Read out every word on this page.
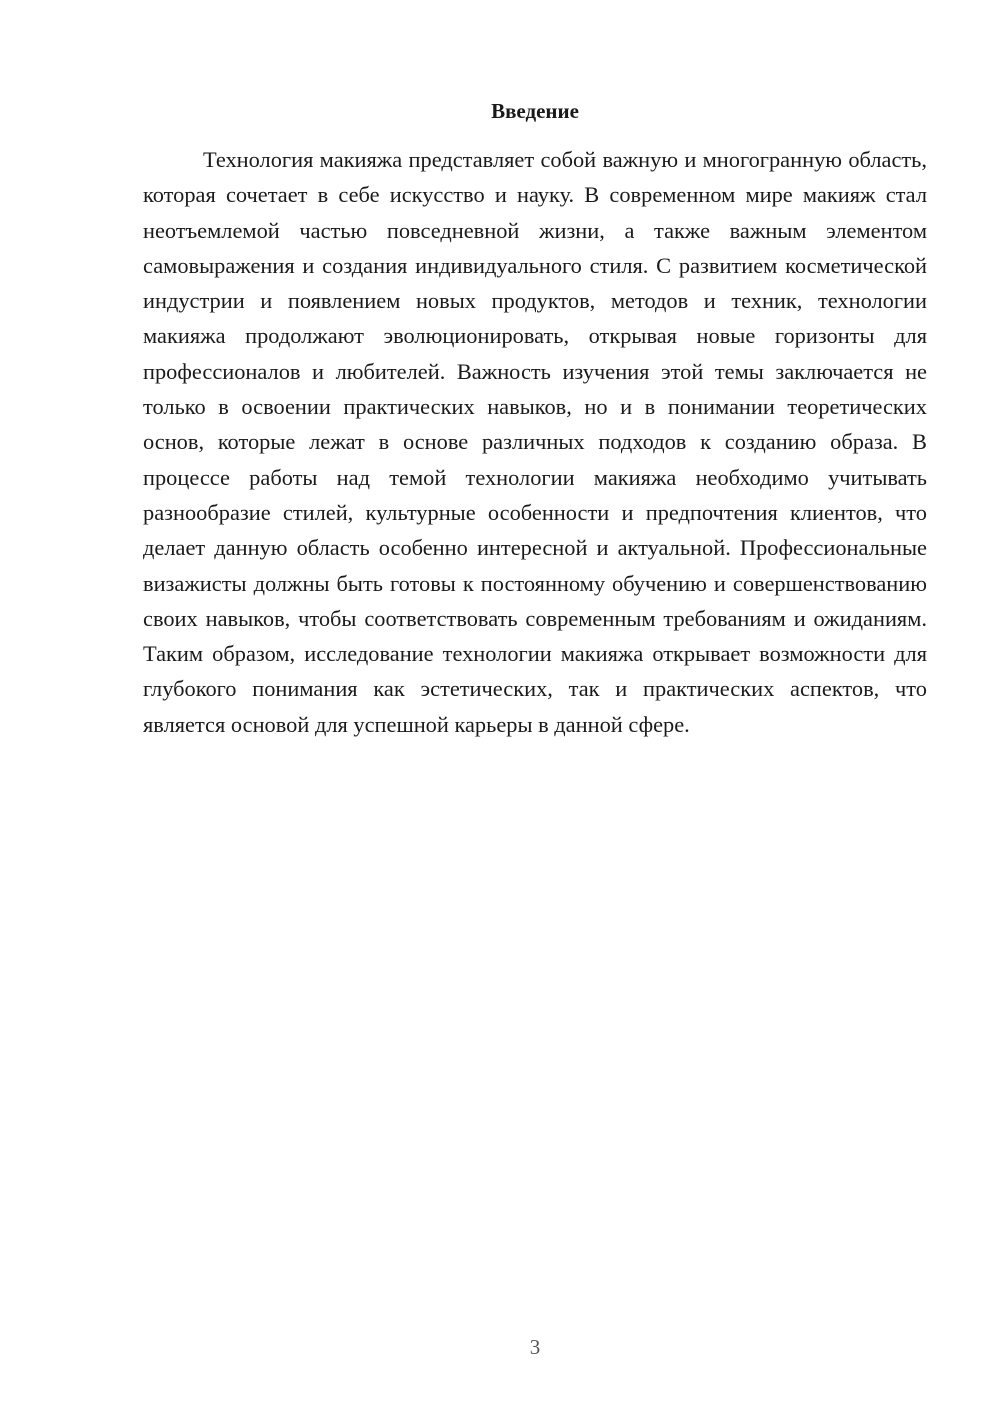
Введение

Технология макияжа представляет собой важную и многогранную область, которая сочетает в себе искусство и науку. В современном мире макияж стал неотъемлемой частью повседневной жизни, а также важным элементом самовыражения и создания индивидуального стиля. С развитием косметической индустрии и появлением новых продуктов, методов и техник, технологии макияжа продолжают эволюционировать, открывая новые горизонты для профессионалов и любителей. Важность изучения этой темы заключается не только в освоении практических навыков, но и в понимании теоретических основ, которые лежат в основе различных подходов к созданию образа. В процессе работы над темой технологии макияжа необходимо учитывать разнообразие стилей, культурные особенности и предпочтения клиентов, что делает данную область особенно интересной и актуальной. Профессиональные визажисты должны быть готовы к постоянному обучению и совершенствованию своих навыков, чтобы соответствовать современным требованиям и ожиданиям. Таким образом, исследование технологии макияжа открывает возможности для глубокого понимания как эстетических, так и практических аспектов, что является основой для успешной карьеры в данной сфере.

3
